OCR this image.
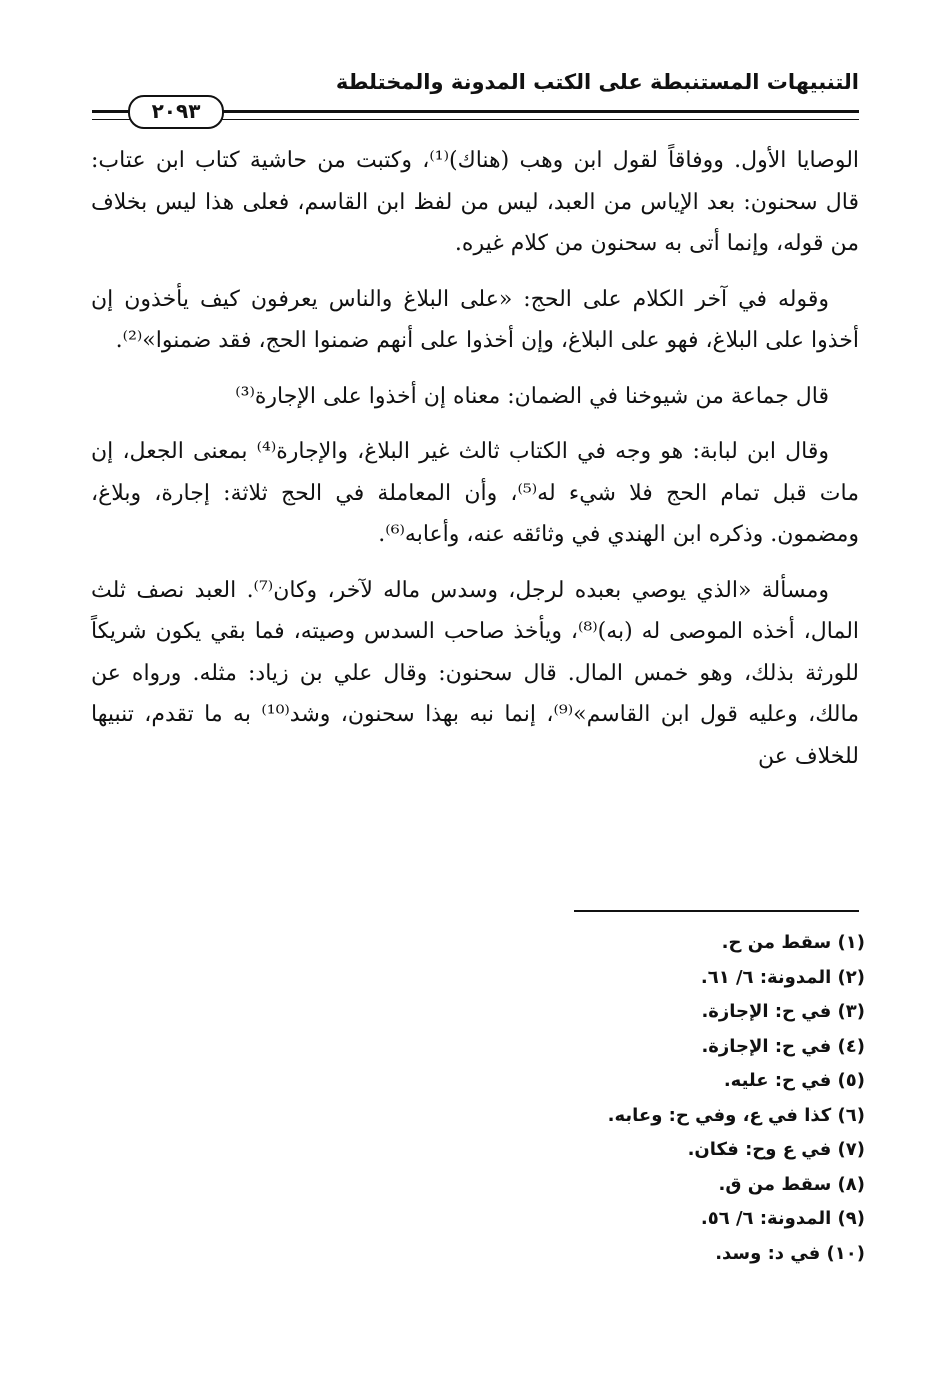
التنبيهات المستنبطة على الكتب المدونة والمختلطة
٢٠٩٣

الوصايا الأول. ووفاقاً لقول ابن وهب (هناك)⁽¹⁾، وكتبت من حاشية كتاب ابن عتاب: قال سحنون: بعد الإياس من العبد، ليس من لفظ ابن القاسم، فعلى هذا ليس بخلاف من قوله، وإنما أتى به سحنون من كلام غيره.

وقوله في آخر الكلام على الحج: «على البلاغ والناس يعرفون كيف يأخذون إن أخذوا على البلاغ، فهو على البلاغ، وإن أخذوا على أنهم ضمنوا الحج، فقد ضمنوا»⁽²⁾.

قال جماعة من شيوخنا في الضمان: معناه إن أخذوا على الإجارة⁽³⁾

وقال ابن لبابة: هو وجه في الكتاب ثالث غير البلاغ، والإجارة⁽⁴⁾ بمعنى الجعل، إن مات قبل تمام الحج فلا شيء له⁽⁵⁾، وأن المعاملة في الحج ثلاثة: إجارة، وبلاغ، ومضمون. وذكره ابن الهندي في وثائقه عنه، وأعابه⁽⁶⁾.

ومسألة «الذي يوصي بعبده لرجل، وسدس ماله لآخر، وكان⁽⁷⁾. العبد نصف ثلث المال، أخذه الموصى له (به)⁽⁸⁾، ويأخذ صاحب السدس وصيته، فما بقي يكون شريكاً للورثة بذلك، وهو خمس المال. قال سحنون: وقال علي بن زياد: مثله. ورواه عن مالك، وعليه قول ابن القاسم»⁽⁹⁾، إنما نبه بهذا سحنون، وشد⁽¹⁰⁾ به ما تقدم، تنبيها للخلاف عن

(١) سقط من ح.
(٢) المدونة: ٦/ ٦١.
(٣) في ح: الإجازة.
(٤) في ح: الإجازة.
(٥) في ح: عليه.
(٦) كذا في ع، وفي ح: وعابه.
(٧) في ع وح: فكان.
(٨) سقط من ق.
(٩) المدونة: ٦/ ٥٦.
(١٠) في د: وسد.
